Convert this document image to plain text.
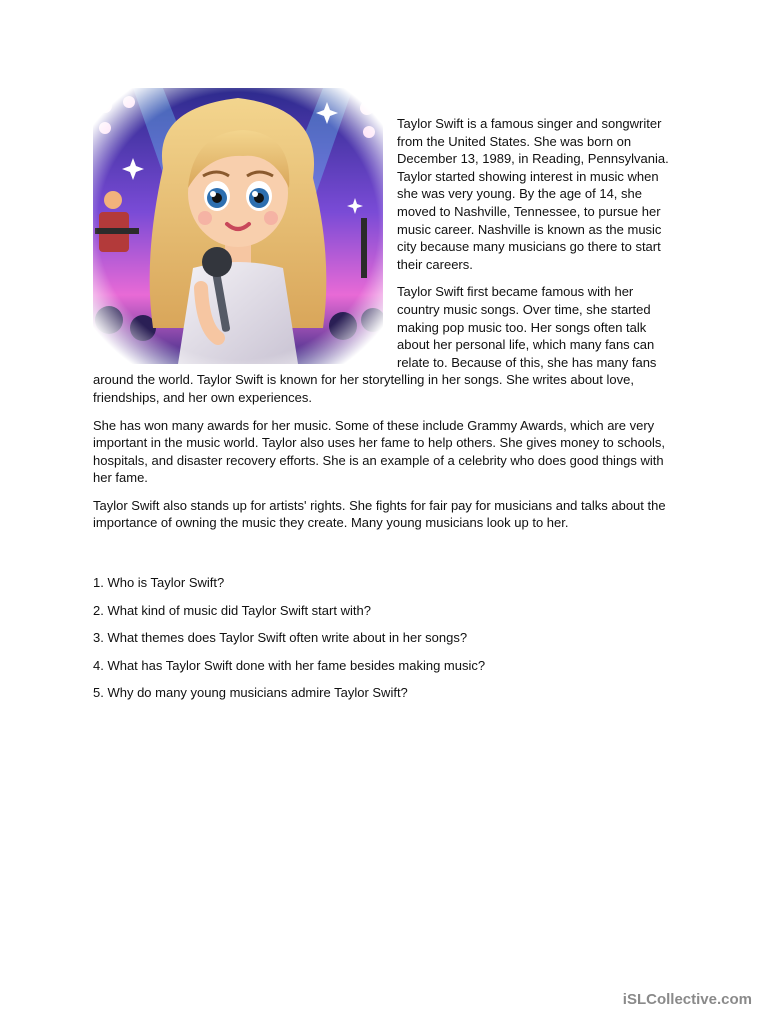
Taylor Swift is a famous singer and songwriter from the United States. She was born on December 13, 1989, in Reading, Pennsylvania. Taylor started showing interest in music when she was very young. By the age of 14, she moved to Nashville, Tennessee, to pursue her music career. Nashville is known as the music city because many musicians go there to start their careers.

Taylor Swift first became famous with her country music songs. Over time, she started making pop music too. Her songs often talk about her personal life, which many fans can relate to. Because of this, she has many fans around the world. Taylor Swift is known for her storytelling in her songs. She writes about love, friendships, and her own experiences.

She has won many awards for her music. Some of these include Grammy Awards, which are very important in the music world. Taylor also uses her fame to help others. She gives money to schools, hospitals, and disaster recovery efforts. She is an example of a celebrity who does good things with her fame.

Taylor Swift also stands up for artists' rights. She fights for fair pay for musicians and talks about the importance of owning the music they create. Many young musicians look up to her.

1. Who is Taylor Swift?
2. What kind of music did Taylor Swift start with?
3. What themes does Taylor Swift often write about in her songs?
4. What has Taylor Swift done with her fame besides making music?
5. Why do many young musicians admire Taylor Swift?
iSLCollective.com
